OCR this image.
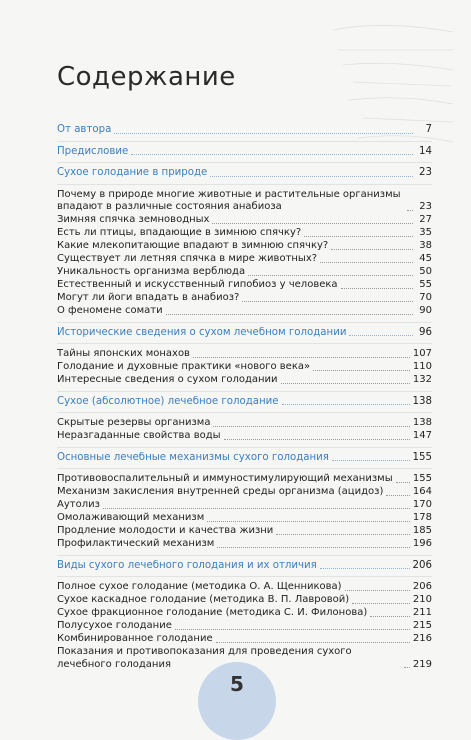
Содержание
От автора	7
Предисловие	14
Сухое голодание в природе	23
Почему в природе многие животные и растительные организмы впадают в различные состояния анабиоза	23
Зимняя спячка земноводных	27
Есть ли птицы, впадающие в зимнюю спячку?	35
Какие млекопитающие впадают в зимнюю спячку?	38
Существует ли летняя спячка в мире животных?	45
Уникальность организма верблюда	50
Естественный и искусственный гипобиоз у человека	55
Могут ли йоги впадать в анабиоз?	70
О феномене сомати	90
Исторические сведения о сухом лечебном голодании	96
Тайны японских монахов	107
Голодание и духовные практики «нового века»	110
Интересные сведения о сухом голодании	132
Сухое (абсолютное) лечебное голодание	138
Скрытые резервы организма	138
Неразгаданные свойства воды	147
Основные лечебные механизмы сухого голодания	155
Противовоспалительный и иммуностимулирующий механизмы 155
Механизм закисления внутренней среды организма (ацидоз)	164
Аутолиз	170
Омолаживающий механизм	178
Продление молодости и качества жизни	185
Профилактический механизм	196
Виды сухого лечебного голодания и их отличия	206
Полное сухое голодание (методика О. А. Щенникова)	206
Сухое каскадное голодание (методика В. П. Лавровой)	210
Сухое фракционное голодание (методика С. И. Филонова)	211
Полусухое голодание	215
Комбинированное голодание	216
Показания и противопоказания для проведения сухого лечебного голодания	219
5
